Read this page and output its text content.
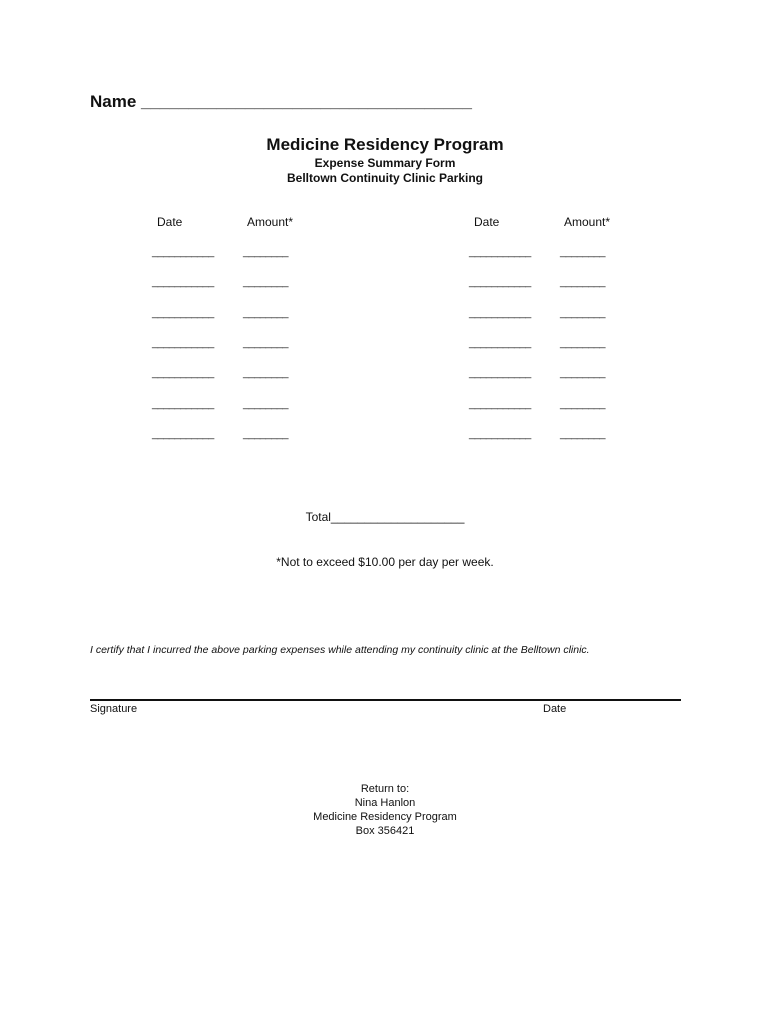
Name ___________________________________
Medicine Residency Program
Expense Summary Form
Belltown Continuity Clinic Parking
Date	Amount*	Date	Amount*
___________	________	___________	________
___________	________	___________	________
___________	________	___________	________
___________	________	___________	________
___________	________	___________	________
___________	________	___________	________
___________	________	___________	________
Total____________________
*Not to exceed $10.00 per day per week.
I certify that I incurred the above parking expenses while attending my continuity clinic at the Belltown clinic.
Signature	Date
Return to:
Nina Hanlon
Medicine Residency Program
Box 356421
